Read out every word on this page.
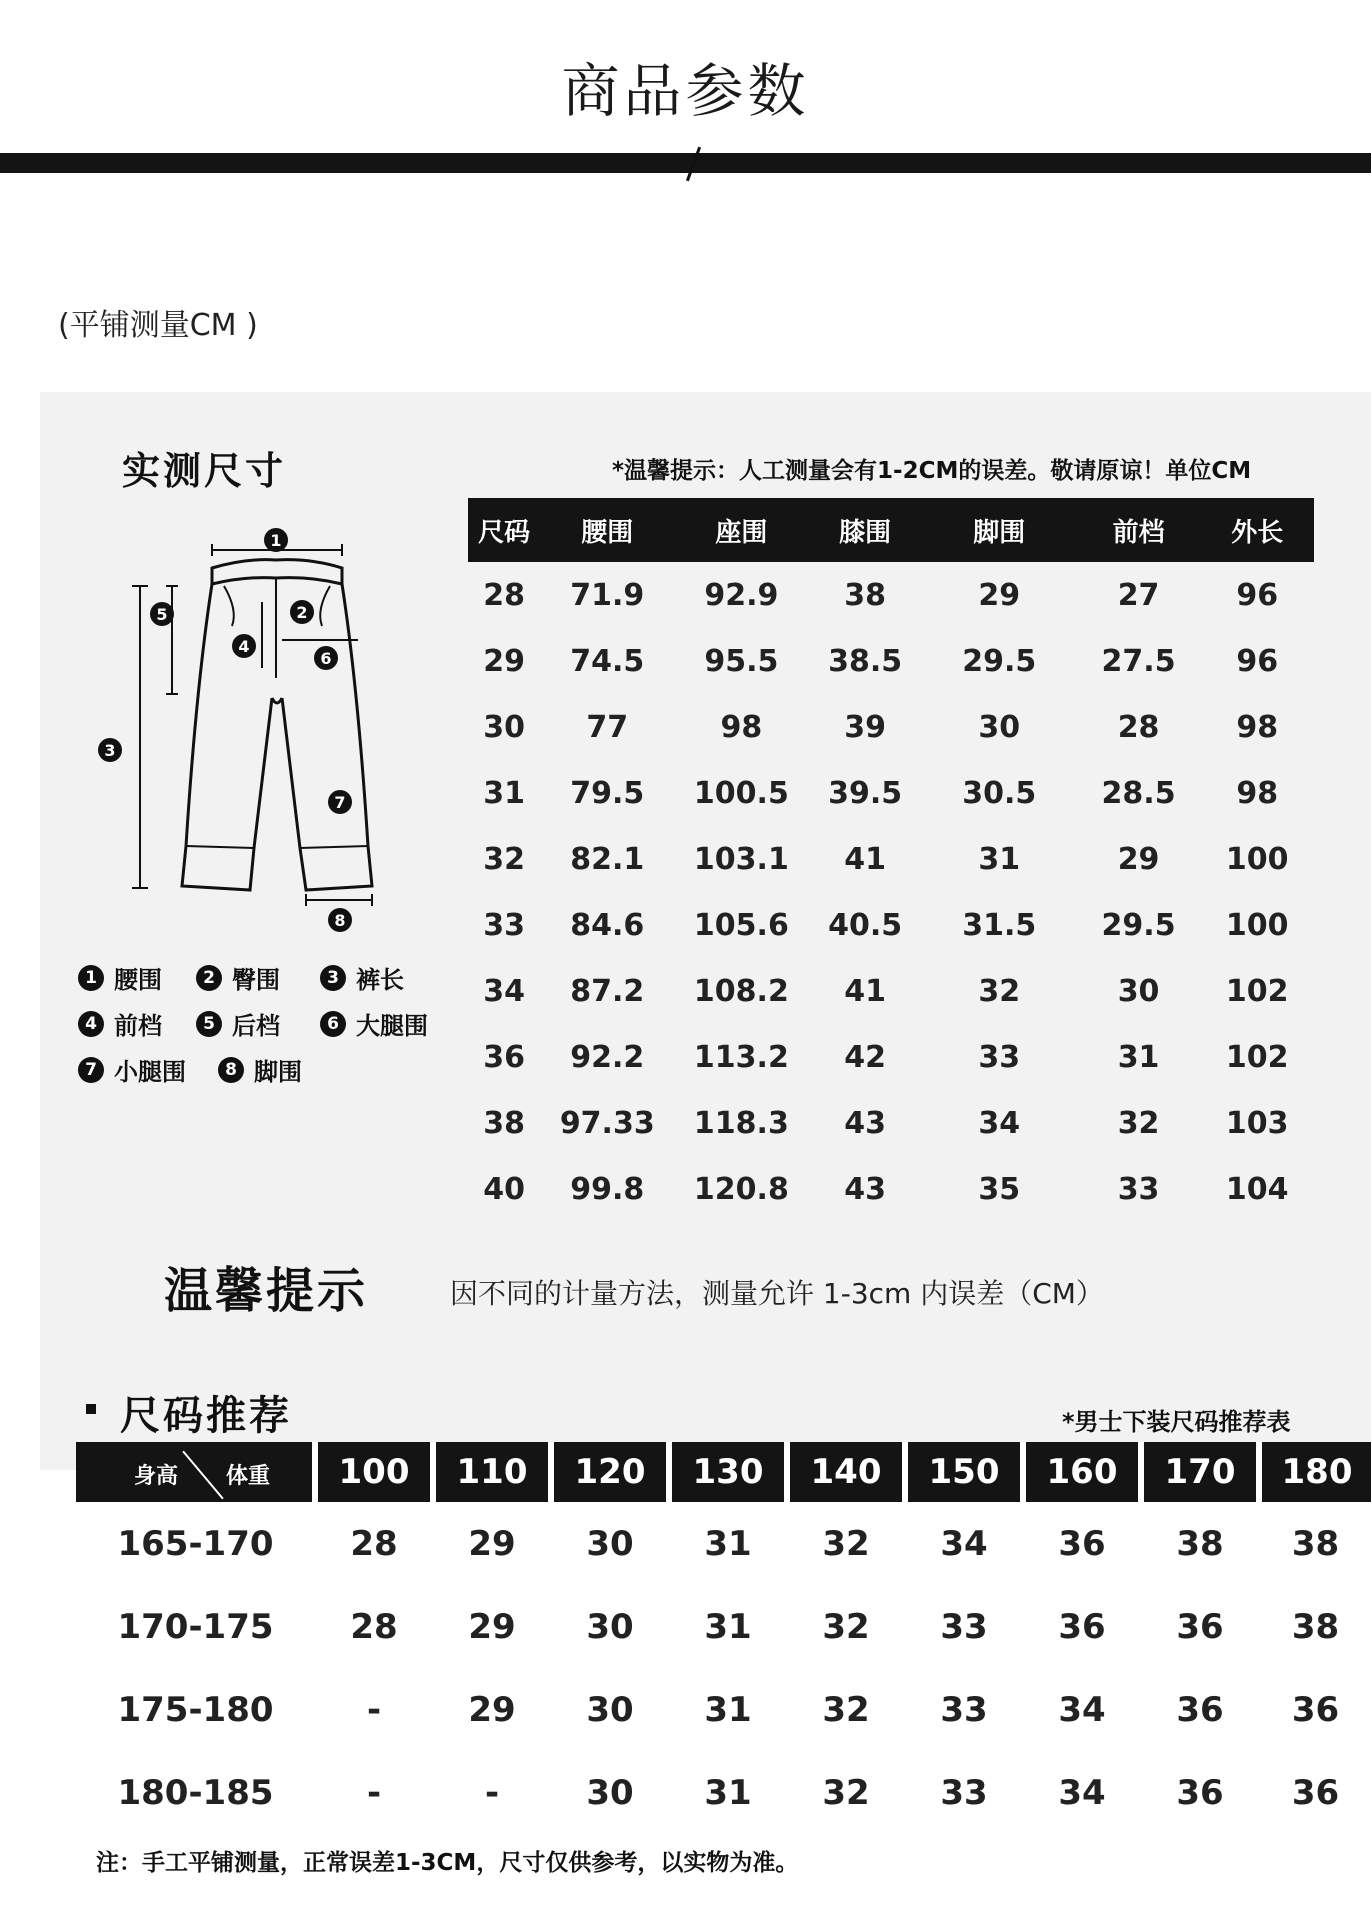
商品参数
(平铺测量CM )
实测尺寸	*温馨提示：人工测量会有1-2CM的误差。敬请原谅！单位CM
尺码	腰围	座围	膝围	脚围	前档	外长
28	71.9	92.9	38	29	27	96
29	74.5	95.5	38.5	29.5	27.5	96
30	77	98	39	30	28	98
31	79.5	100.5	39.5	30.5	28.5	98
32	82.1	103.1	41	31	29	100
33	84.6	105.6	40.5	31.5	29.5	100
34	87.2	108.2	41	32	30	102
36	92.2	113.2	42	33	31	102
38	97.33	118.3	43	34	32	103
40	99.8	120.8	43	35	33	104
1
2
3
4
5
6
7
8
1 腰围	2 臀围	3 裤长
4 前档	5 后档	6 大腿围
7 小腿围	8 脚围
温馨提示	因不同的计量方法，测量允许 1-3cm 内误差（CM）
尺码推荐	*男士下装尺码推荐表
身高 体重	100	110	120	130	140	150	160	170	180
165-170	28	29	30	31	32	34	36	38	38
170-175	28	29	30	31	32	33	36	36	38
175-180	-	29	30	31	32	33	34	36	36
180-185	-	-	30	31	32	33	34	36	36
注：手工平铺测量，正常误差1-3CM，尺寸仅供参考，以实物为准。
